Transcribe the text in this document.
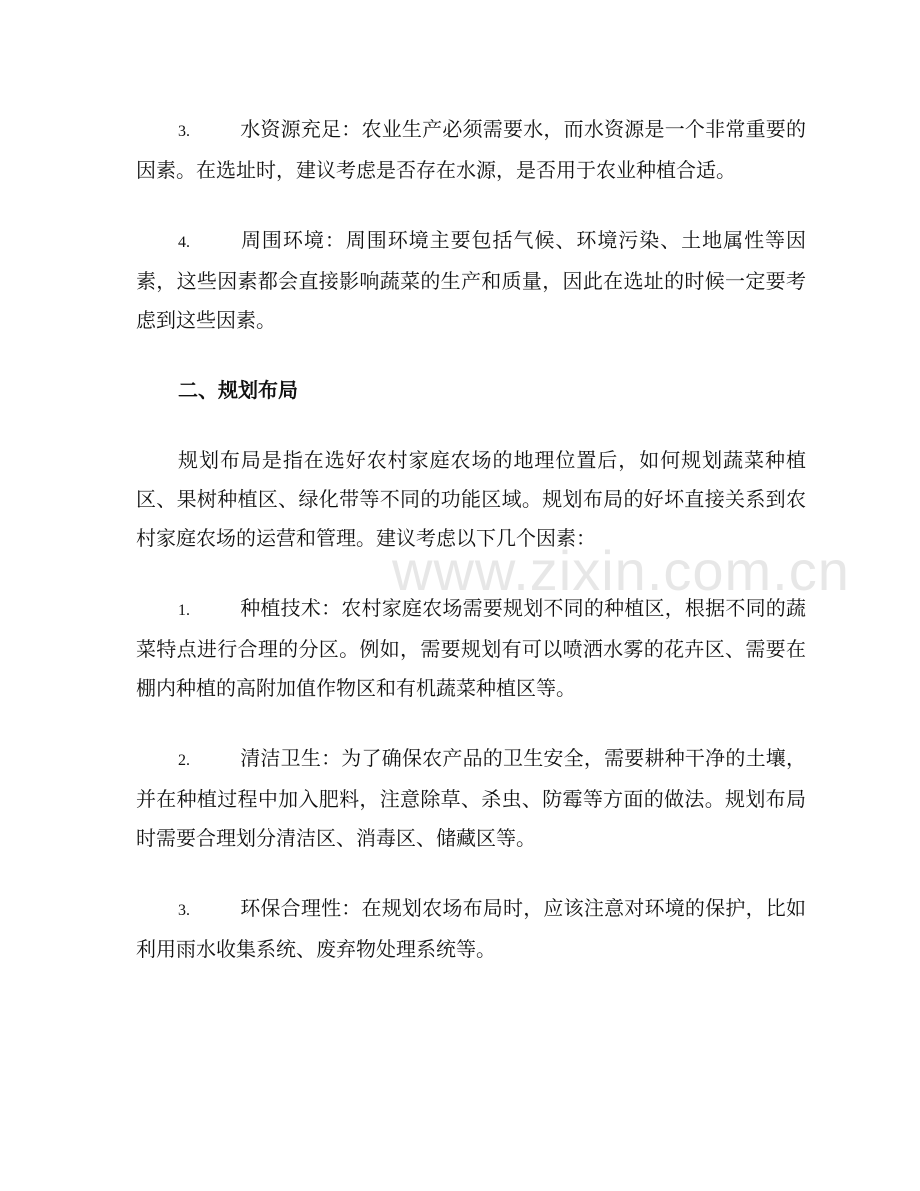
www.zixin.com.cn

3.	水资源充足：农业生产必须需要水，而水资源是一个非常重要的因素。在选址时，建议考虑是否存在水源，是否用于农业种植合适。

4.	周围环境：周围环境主要包括气候、环境污染、土地属性等因素，这些因素都会直接影响蔬菜的生产和质量，因此在选址的时候一定要考虑到这些因素。

二、规划布局

规划布局是指在选好农村家庭农场的地理位置后，如何规划蔬菜种植区、果树种植区、绿化带等不同的功能区域。规划布局的好坏直接关系到农村家庭农场的运营和管理。建议考虑以下几个因素：

1.	种植技术：农村家庭农场需要规划不同的种植区，根据不同的蔬菜特点进行合理的分区。例如，需要规划有可以喷洒水雾的花卉区、需要在棚内种植的高附加值作物区和有机蔬菜种植区等。

2.	清洁卫生：为了确保农产品的卫生安全，需要耕种干净的土壤，并在种植过程中加入肥料，注意除草、杀虫、防霉等方面的做法。规划布局时需要合理划分清洁区、消毒区、储藏区等。

3.	环保合理性：在规划农场布局时，应该注意对环境的保护，比如利用雨水收集系统、废弃物处理系统等。
